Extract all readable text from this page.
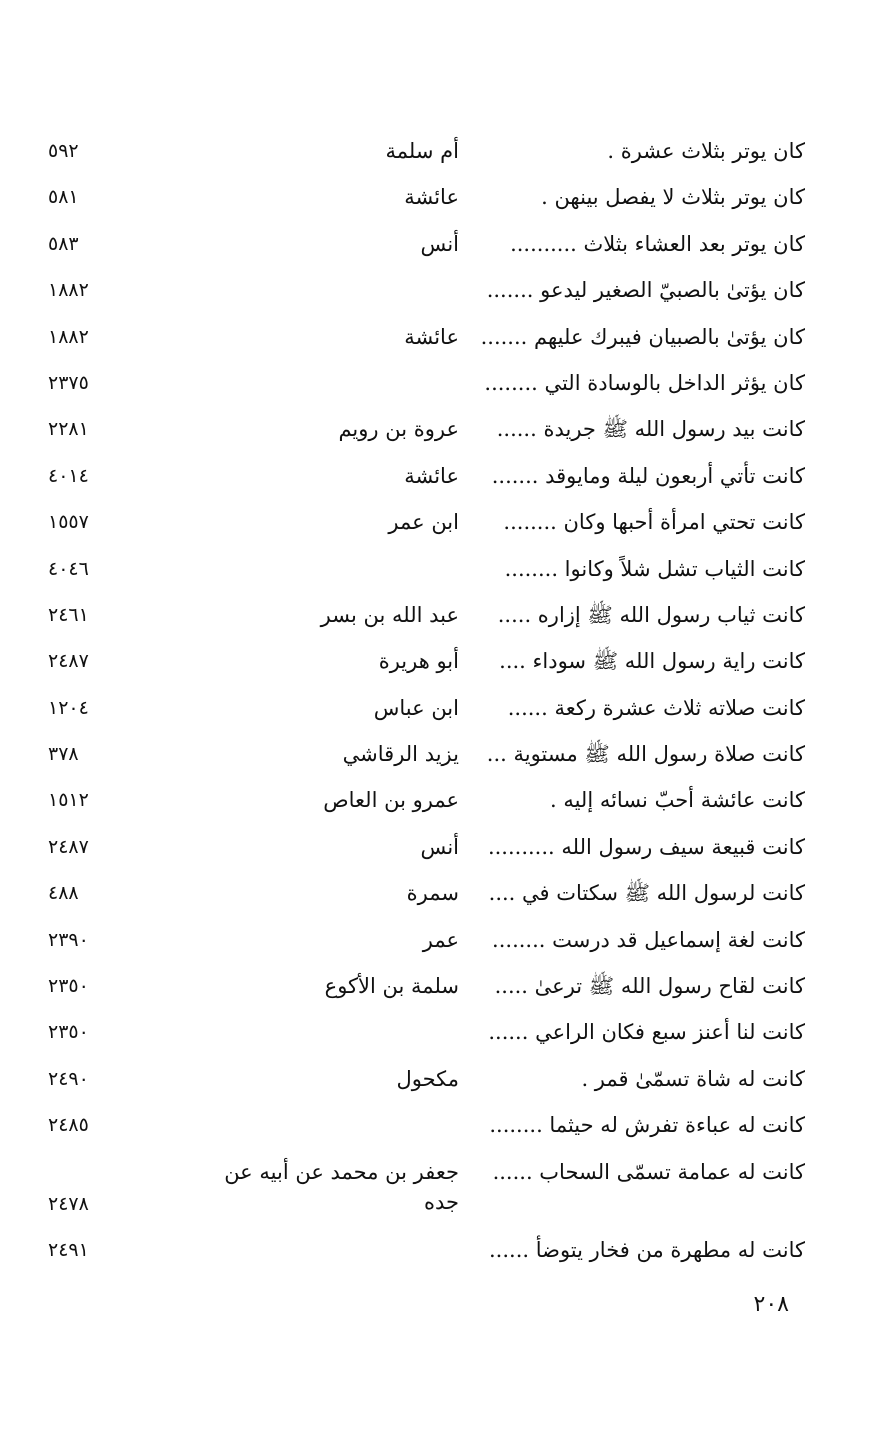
كان يوتر بثلاث عشرة .
أم سلمة
٥٩٢
كان يوتر بثلاث لا يفصل بينهن .
عائشة
٥٨١
كان يوتر بعد العشاء بثلاث ..........
أنس
٥٨٣
كان يؤتىٰ بالصبيّ الصغير ليدعو .......
١٨٨٢
كان يؤتىٰ بالصبيان فيبرك عليهم .......
عائشة
١٨٨٢
كان يؤثر الداخل بالوسادة التي ........
٢٣٧٥
كانت بيد رسول الله ﷺ جريدة ......
عروة بن رويم
٢٢٨١
كانت تأتي أربعون ليلة ومايوقد .......
عائشة
٤٠١٤
كانت تحتي امرأة أحبها وكان ........
ابن عمر
١٥٥٧
كانت الثياب تشل شلاً وكانوا ........
٤٠٤٦
كانت ثياب رسول الله ﷺ إزاره .....
عبد الله بن بسر
٢٤٦١
كانت راية رسول الله ﷺ سوداء ....
أبو هريرة
٢٤٨٧
كانت صلاته ثلاث عشرة ركعة ......
ابن عباس
١٢٠٤
كانت صلاة رسول الله ﷺ مستوية ...
يزيد الرقاشي
٣٧٨
كانت عائشة أحبّ نسائه إليه .
عمرو بن العاص
١٥١٢
كانت قبيعة سيف رسول الله ..........
أنس
٢٤٨٧
كانت لرسول الله ﷺ سكتات في ....
سمرة
٤٨٨
كانت لغة إسماعيل قد درست ........
عمر
٢٣٩٠
كانت لقاح رسول الله ﷺ ترعىٰ .....
سلمة بن الأكوع
٢٣٥٠
كانت لنا أعنز سبع فكان الراعي ......
٢٣٥٠
كانت له شاة تسمّىٰ قمر .
مكحول
٢٤٩٠
كانت له عباءة تفرش له حيثما ........
٢٤٨٥
كانت له عمامة تسمّى السحاب ......
جعفر بن محمد عن أبيه عن جده
٢٤٧٨
كانت له مطهرة من فخار يتوضأ ......
٢٤٩١
٢٠٨
